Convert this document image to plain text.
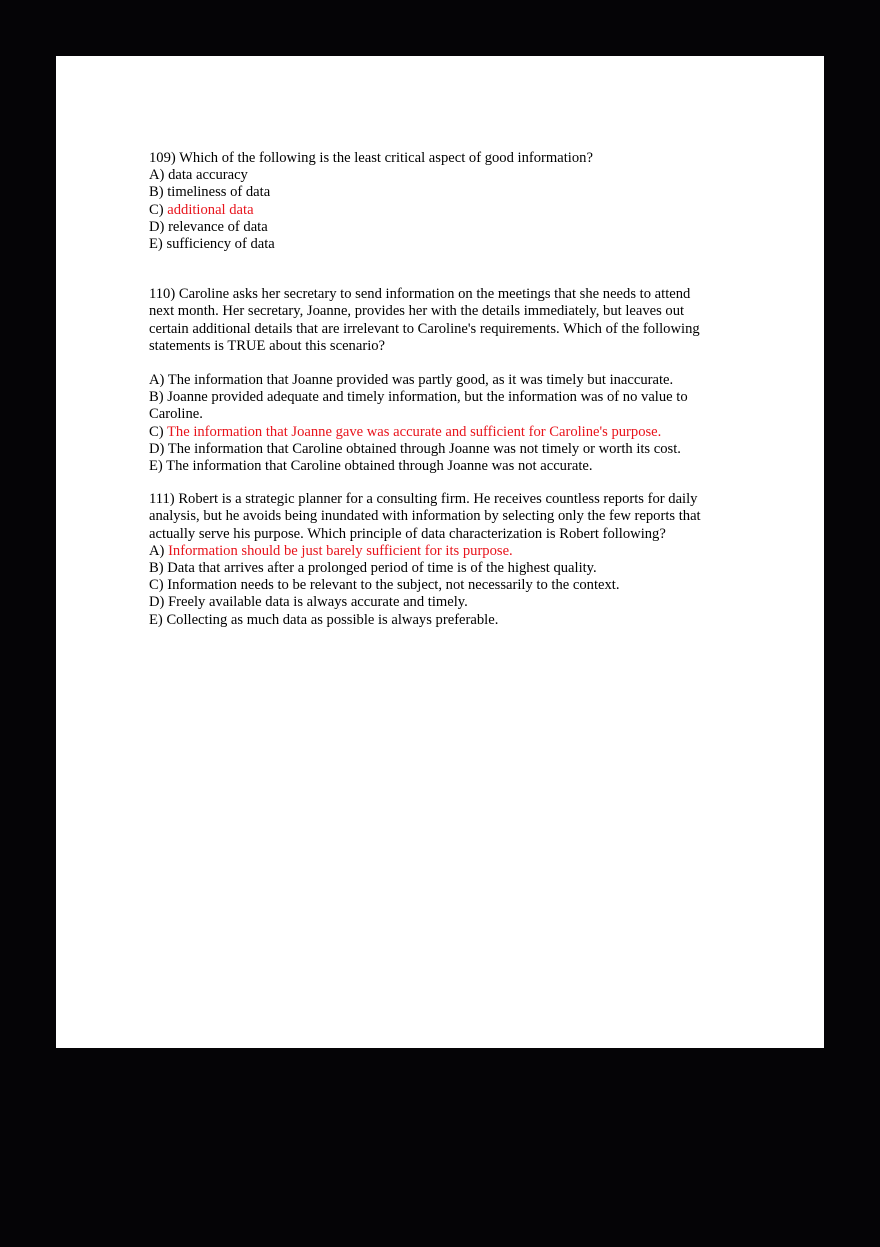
109) Which of the following is the least critical aspect of good information?
A) data accuracy
B) timeliness of data
C) additional data
D) relevance of data
E) sufficiency of data
110) Caroline asks her secretary to send information on the meetings that she needs to attend
next month. Her secretary, Joanne, provides her with the details immediately, but leaves out
certain additional details that are irrelevant to Caroline's requirements. Which of the following
statements is TRUE about this scenario?
A) The information that Joanne provided was partly good, as it was timely but inaccurate.
B) Joanne provided adequate and timely information, but the information was of no value to
Caroline.
C) The information that Joanne gave was accurate and sufficient for Caroline's purpose.
D) The information that Caroline obtained through Joanne was not timely or worth its cost.
E) The information that Caroline obtained through Joanne was not accurate.
111) Robert is a strategic planner for a consulting firm. He receives countless reports for daily
analysis, but he avoids being inundated with information by selecting only the few reports that
actually serve his purpose. Which principle of data characterization is Robert following?
A) Information should be just barely sufficient for its purpose.
B) Data that arrives after a prolonged period of time is of the highest quality.
C) Information needs to be relevant to the subject, not necessarily to the context.
D) Freely available data is always accurate and timely.
E) Collecting as much data as possible is always preferable.
